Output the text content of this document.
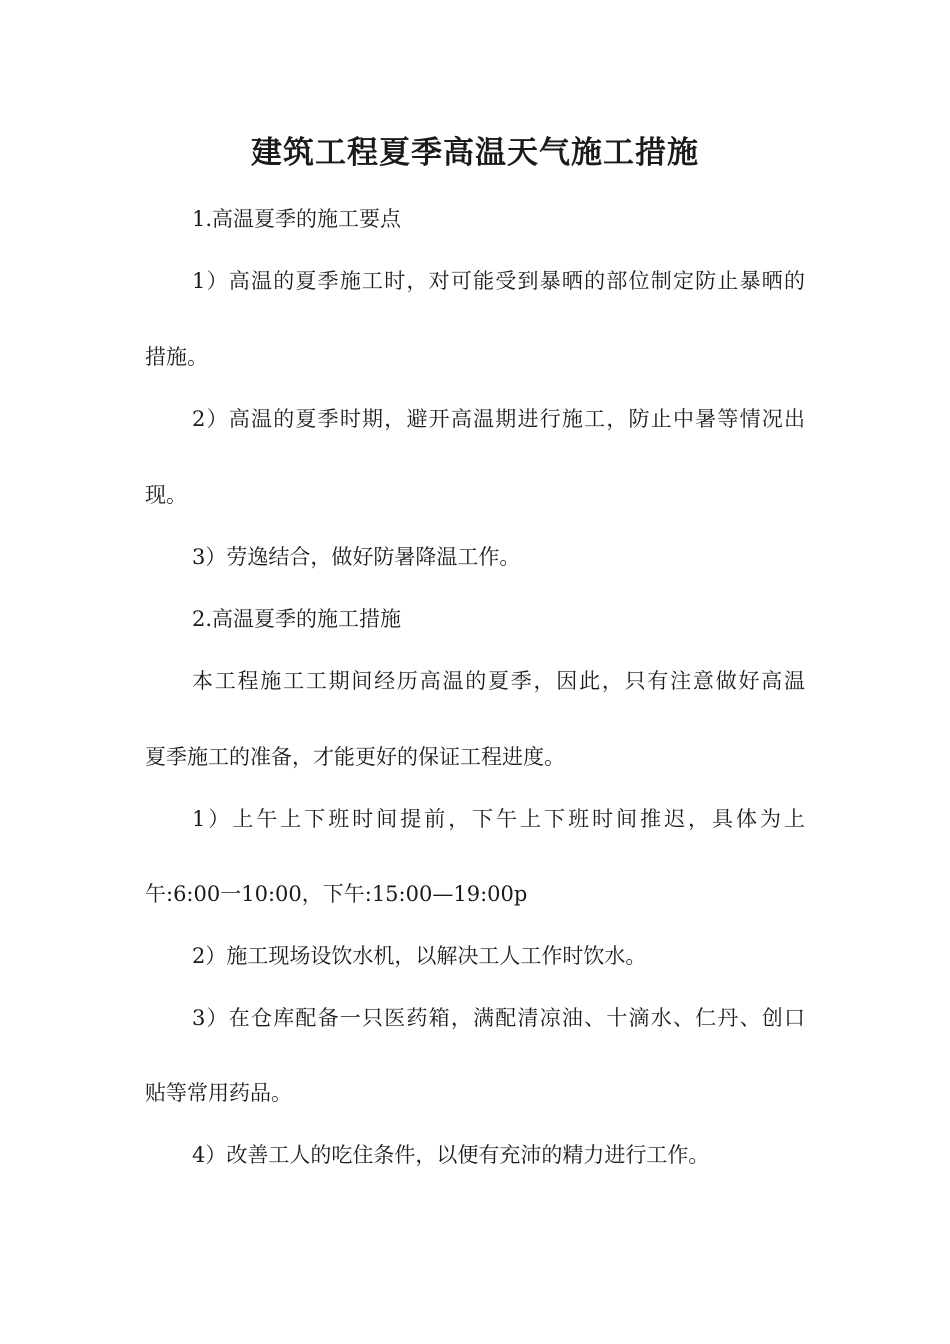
建筑工程夏季高温天气施工措施

1.高温夏季的施工要点

1）高温的夏季施工时，对可能受到暴晒的部位制定防止暴晒的

措施。

2）高温的夏季时期，避开高温期进行施工，防止中暑等情况出

现。

3）劳逸结合，做好防暑降温工作。

2.高温夏季的施工措施

本工程施工工期间经历高温的夏季，因此，只有注意做好高温

夏季施工的准备，才能更好的保证工程进度。

1）上午上下班时间提前，下午上下班时间推迟，具体为上

午:6:00一10:00，下午:15:00—19:00p

2）施工现场设饮水机，以解决工人工作时饮水。

3）在仓库配备一只医药箱，满配清凉油、十滴水、仁丹、创口

贴等常用药品。

4）改善工人的吃住条件，以便有充沛的精力进行工作。
